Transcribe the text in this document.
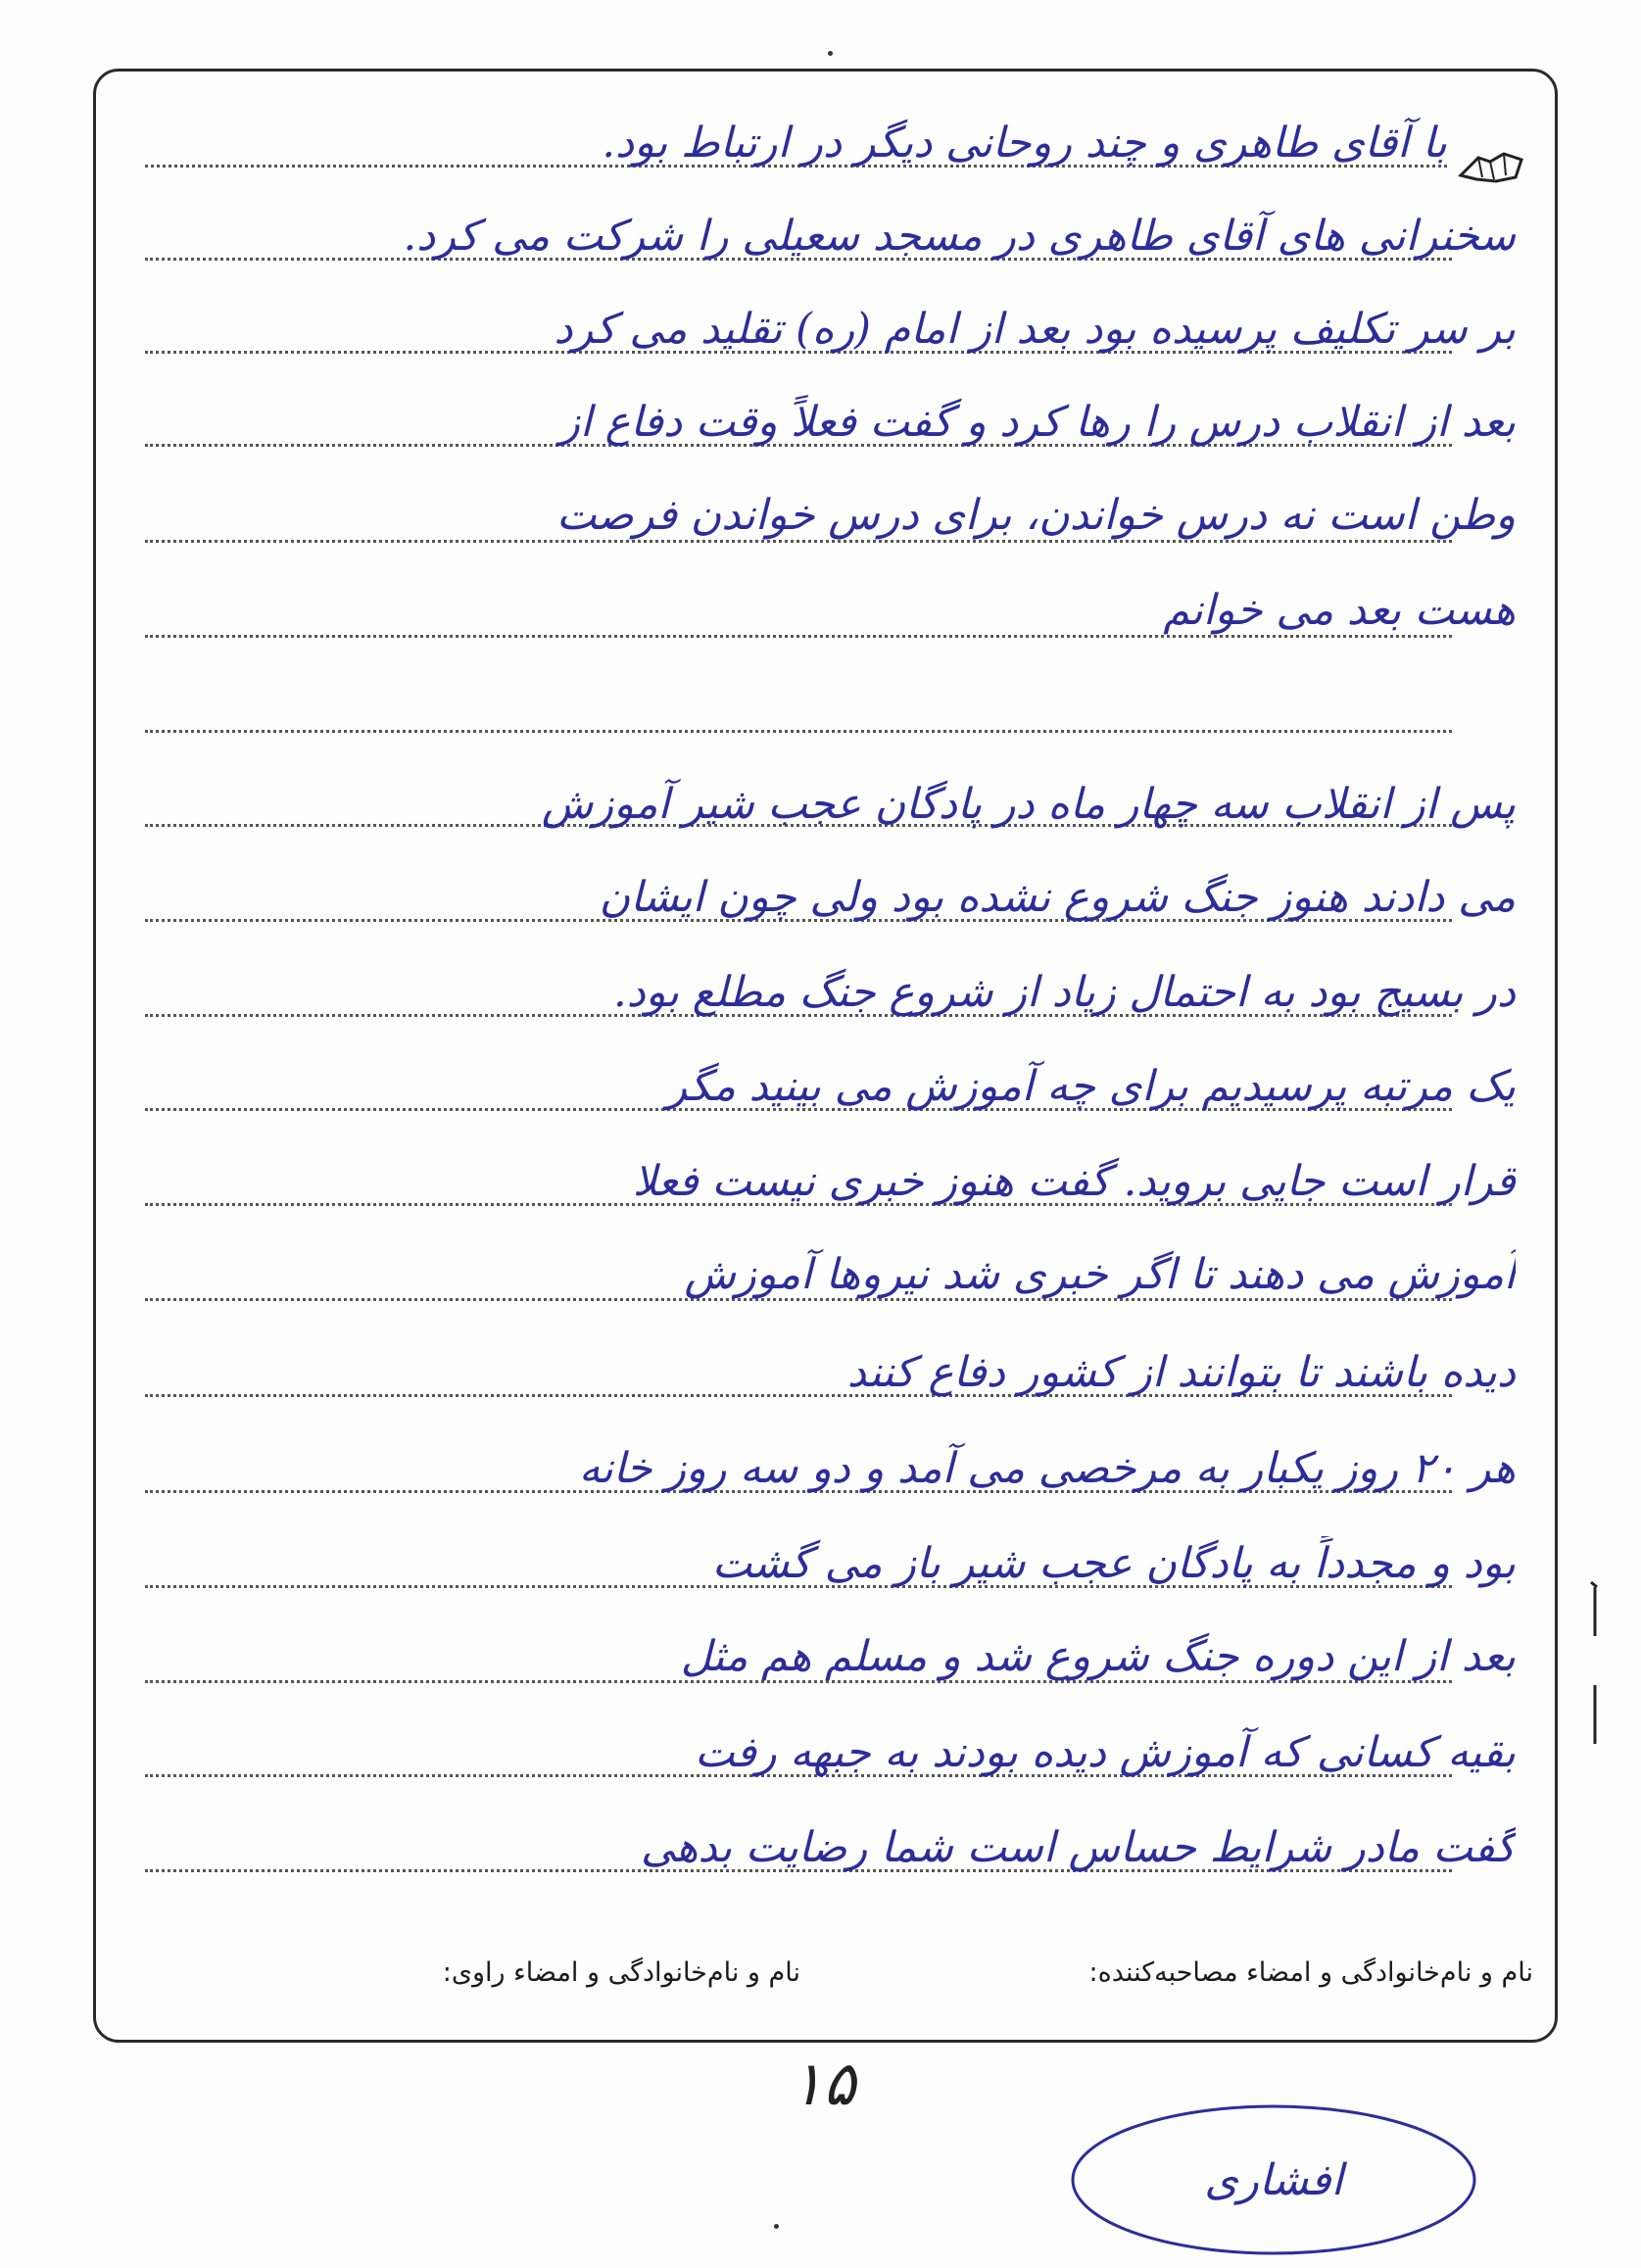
با آقای طاهری و چند روحانی دیگر در ارتباط بود.
سخنرانی های آقای طاهری در مسجد سعیلی را شرکت می کرد.
بر سر تکلیف پرسیده بود بعد از امام (ره) تقلید می کرد
بعد از انقلاب درس را رها کرد و گفت فعلاً وقت دفاع از
وطن است نه درس خواندن، برای درس خواندن فرصت
هست بعد می خوانم
پس از انقلاب سه چهار ماه در پادگان عجب شیر آموزش
می دادند هنوز جنگ شروع نشده بود ولی چون ایشان
در بسیج بود به احتمال زیاد از شروع جنگ مطلع بود.
یک مرتبه پرسیدیم برای چه آموزش می بینید مگر
قرار است جایی بروید. گفت هنوز خبری نیست فعلا
آموزش می دهند تا اگر خبری شد نیروها آموزش
دیده باشند تا بتوانند از کشور دفاع کنند
هر ۲۰ روز یکبار به مرخصی می آمد و دو سه روز خانه
بود و مجدداً به پادگان عجب شیر باز می گشت
بعد از این دوره جنگ شروع شد و مسلم هم مثل
بقیه کسانی که آموزش دیده بودند به جبهه رفت
گفت مادر شرایط حساس است شما رضایت بدهی
نام و نام‌خانوادگی و امضاء مصاحبه‌کننده:
نام و نام‌خانوادگی و امضاء راوی:
۱۵
افشاری
